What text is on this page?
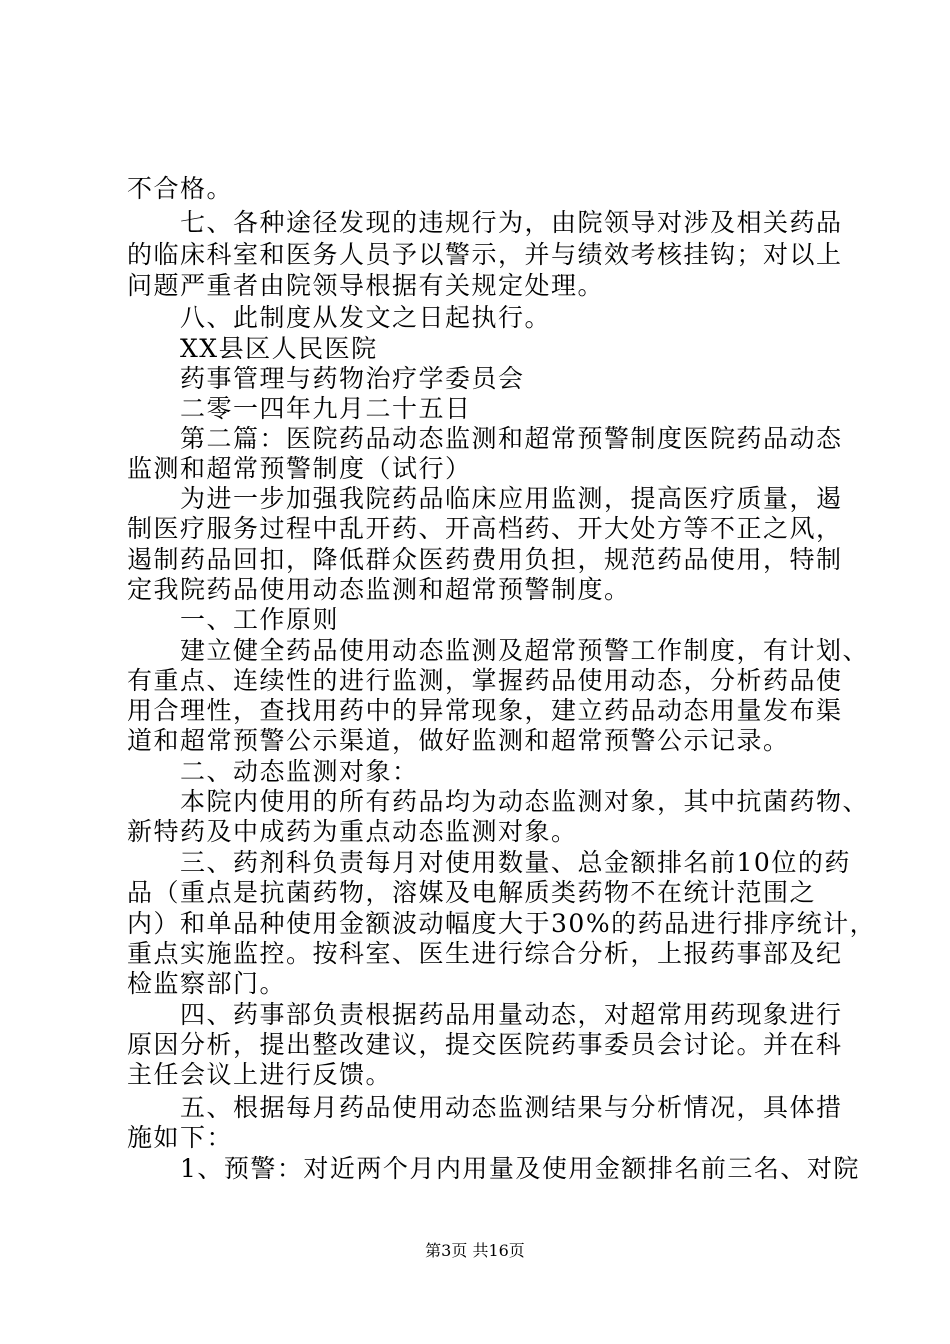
不合格。
　　七、各种途径发现的违规行为，由院领导对涉及相关药品
的临床科室和医务人员予以警示，并与绩效考核挂钩；对以上
问题严重者由院领导根据有关规定处理。
　　八、此制度从发文之日起执行。
　　XX县区人民医院
　　药事管理与药物治疗学委员会
　　二零一四年九月二十五日
　　第二篇：医院药品动态监测和超常预警制度医院药品动态
监测和超常预警制度（试行）
　　为进一步加强我院药品临床应用监测，提高医疗质量，遏
制医疗服务过程中乱开药、开高档药、开大处方等不正之风，
遏制药品回扣，降低群众医药费用负担，规范药品使用，特制
定我院药品使用动态监测和超常预警制度。
　　一、工作原则
　　建立健全药品使用动态监测及超常预警工作制度，有计划、
有重点、连续性的进行监测，掌握药品使用动态，分析药品使
用合理性，查找用药中的异常现象，建立药品动态用量发布渠
道和超常预警公示渠道，做好监测和超常预警公示记录。
　　二、动态监测对象：
　　本院内使用的所有药品均为动态监测对象，其中抗菌药物、
新特药及中成药为重点动态监测对象。
　　三、药剂科负责每月对使用数量、总金额排名前10位的药
品（重点是抗菌药物，溶媒及电解质类药物不在统计范围之
内）和单品种使用金额波动幅度大于30%的药品进行排序统计，
重点实施监控。按科室、医生进行综合分析，上报药事部及纪
检监察部门。
　　四、药事部负责根据药品用量动态，对超常用药现象进行
原因分析，提出整改建议，提交医院药事委员会讨论。并在科
主任会议上进行反馈。
　　五、根据每月药品使用动态监测结果与分析情况，具体措
施如下：
　　1、预警：对近两个月内用量及使用金额排名前三名、对院
第3页 共16页
